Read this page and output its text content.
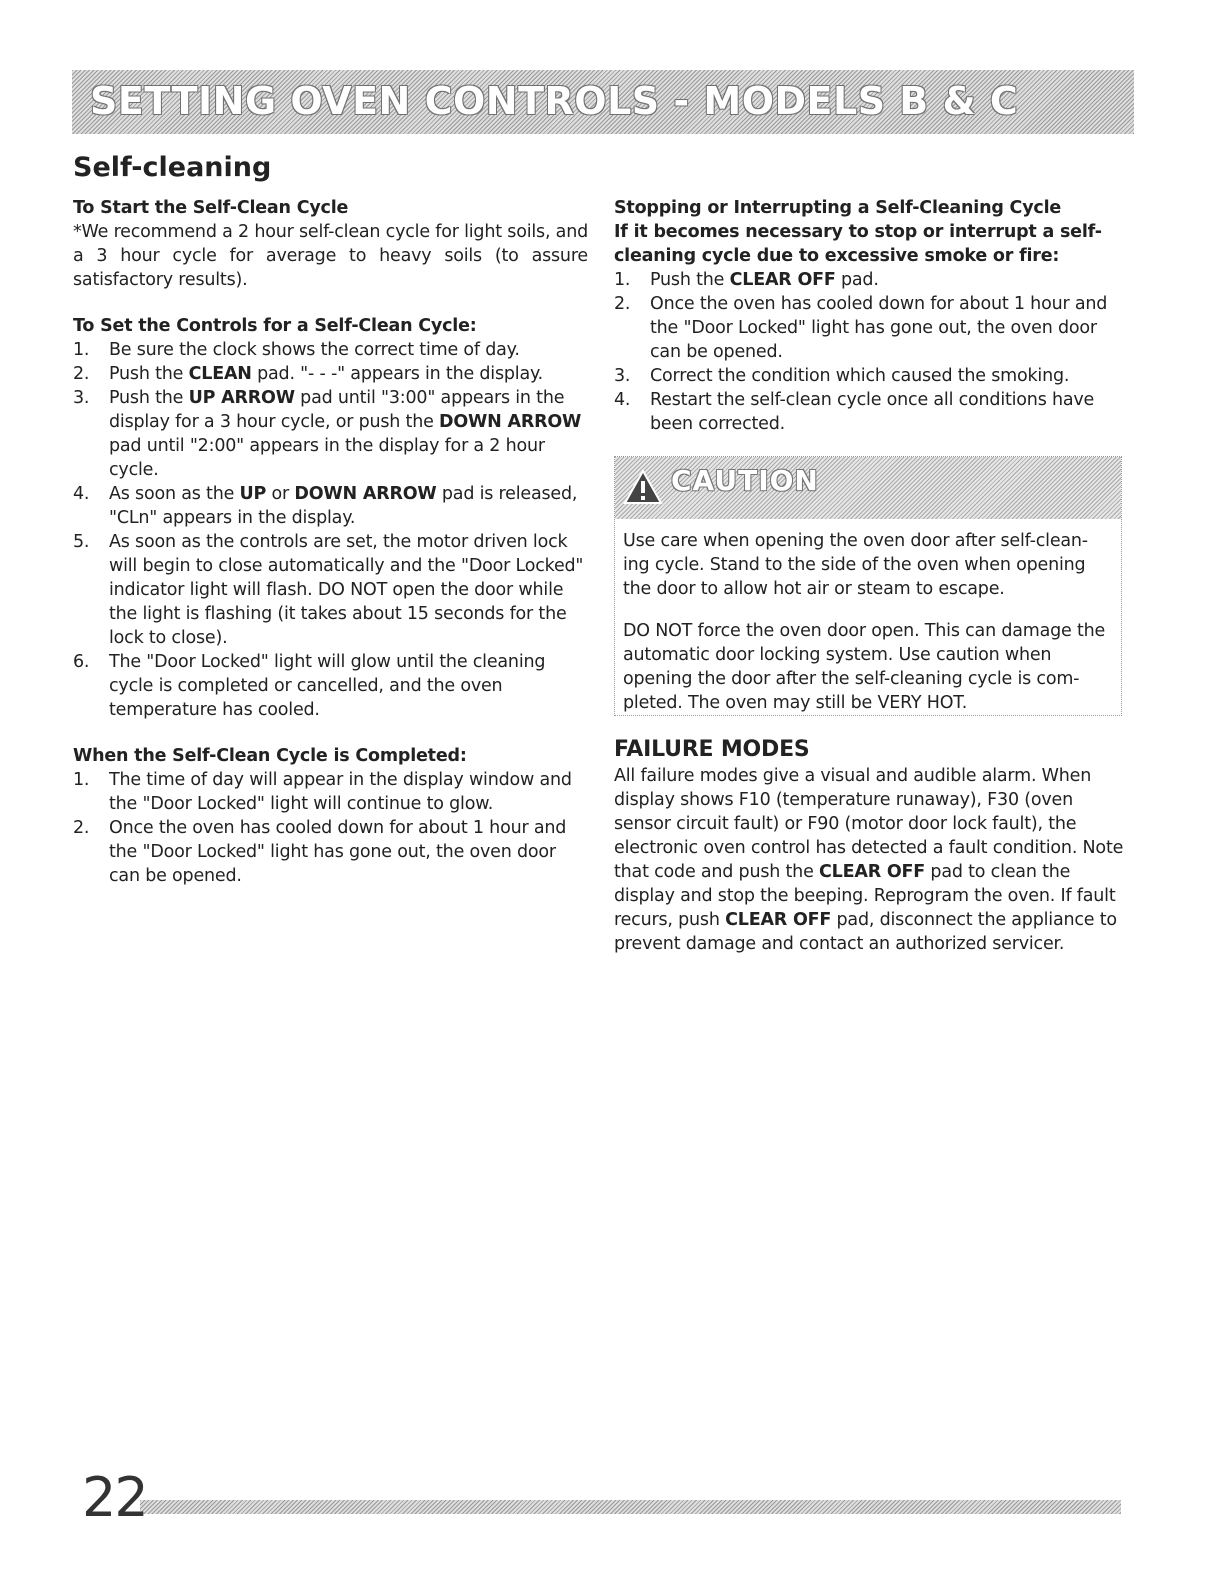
SETTING OVEN CONTROLS - MODELS B & C
Self-cleaning

To Start the Self-Clean Cycle

*We recommend a 2 hour self-clean cycle for light soils, and a 3 hour cycle for average to heavy soils (to assure satisfactory results).

To Set the Controls for a Self-Clean Cycle:

1. Be sure the clock shows the correct time of day.
2. Push the CLEAN pad. "- - -" appears in the display.
3. Push the UP ARROW pad until "3:00" appears in the display for a 3 hour cycle, or push the DOWN ARROW pad until "2:00" appears in the display for a 2 hour cycle.
4. As soon as the UP or DOWN ARROW pad is released, "CLn" appears in the display.
5. As soon as the controls are set, the motor driven lock will begin to close automatically and the "Door Locked" indicator light will flash. DO NOT open the door while the light is flashing (it takes about 15 seconds for the lock to close).
6. The "Door Locked" light will glow until the cleaning cycle is completed or cancelled, and the oven temperature has cooled.

When the Self-Clean Cycle is Completed:

1. The time of day will appear in the display window and the "Door Locked" light will continue to glow.
2. Once the oven has cooled down for about 1 hour and the "Door Locked" light has gone out, the oven door can be opened.

Stopping or Interrupting a Self-Cleaning Cycle

If it becomes necessary to stop or interrupt a self-cleaning cycle due to excessive smoke or fire:

1. Push the CLEAR OFF pad.
2. Once the oven has cooled down for about 1 hour and the "Door Locked" light has gone out, the oven door can be opened.
3. Correct the condition which caused the smoking.
4. Restart the self-clean cycle once all conditions have been corrected.
CAUTION

Use care when opening the oven door after self-clean-ing cycle. Stand to the side of the oven when opening the door to allow hot air or steam to escape.

DO NOT force the oven door open. This can damage the automatic door locking system. Use caution when opening the door after the self-cleaning cycle is com-pleted. The oven may still be VERY HOT.

FAILURE MODES

All failure modes give a visual and audible alarm. When display shows F10 (temperature runaway), F30 (oven sensor circuit fault) or F90 (motor door lock fault), the electronic oven control has detected a fault condition. Note that code and push the CLEAR OFF pad to clean the display and stop the beeping. Reprogram the oven. If fault recurs, push CLEAR OFF pad, disconnect the appliance to prevent damage and contact an authorized servicer.

22
